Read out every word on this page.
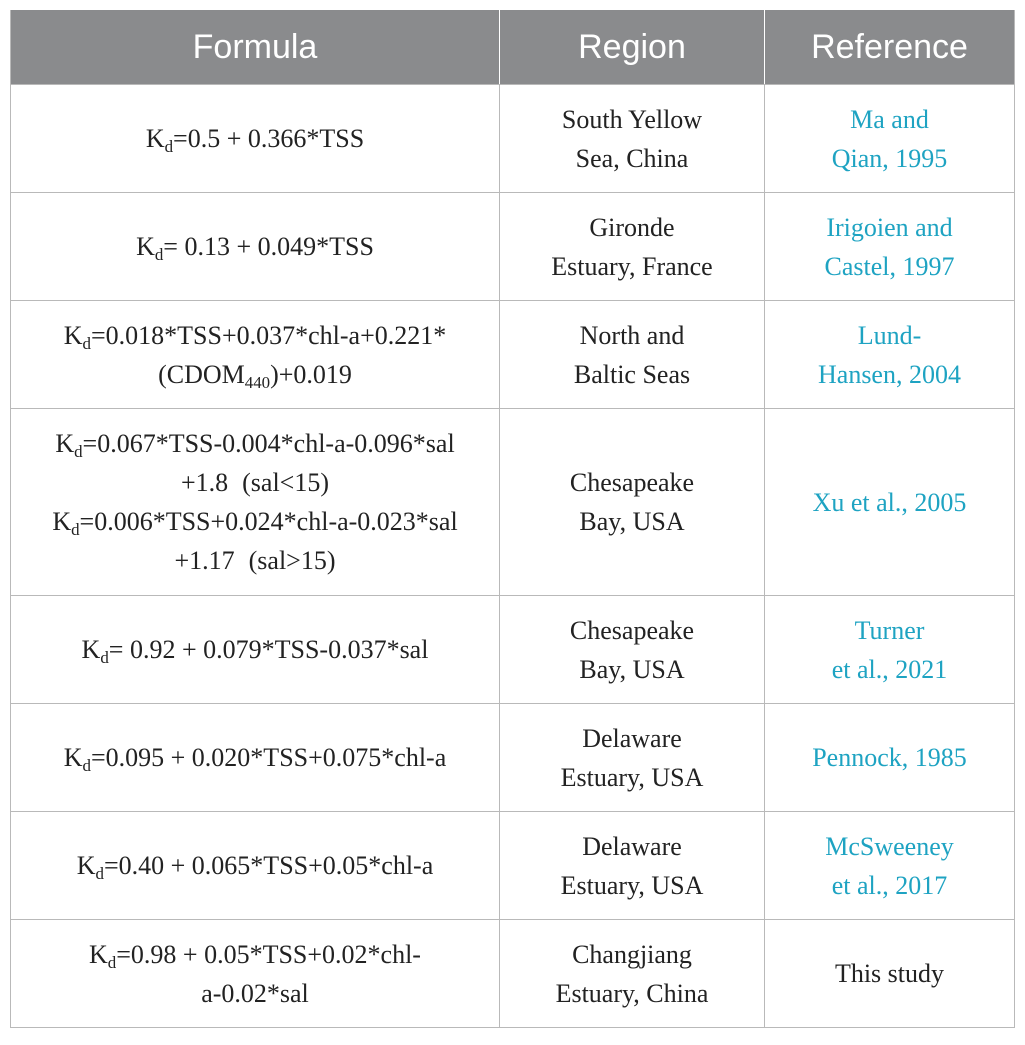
Formula	Region	Reference
$K_d=0.5 + 0.366*TSS$	South Yellow
Sea, China	Ma and
Qian, 1995

$K_d= 0.13 + 0.049*TSS$	Gironde
Estuary, France	Irigoien and
Castel, 1997

$K_d=0.018*TSS+0.037*chl-a+0.221*$
$(CDOM_{440})+0.019$	North and
Baltic Seas	Lund-
Hansen, 2004

$K_d=0.067*TSS-0.004*chl-a-0.096*sal$
+1.8 (sal<15)
$K_d=0.006*TSS+0.024*chl-a-0.023*sal$
+1.17 (sal>15)	Chesapeake
Bay, USA	Xu et al., 2005

$K_d= 0.92 + 0.079*TSS-0.037*sal$	Chesapeake
Bay, USA	Turner
et al., 2021

$K_d=0.095 + 0.020*TSS+0.075*chl-a$	Delaware
Estuary, USA	Pennock, 1985

$K_d=0.40 + 0.065*TSS+0.05*chl-a$	Delaware
Estuary, USA	McSweeney
et al., 2017

$K_d=0.98 + 0.05*TSS+0.02*chl-$
a-0.02*sal	Changjiang
Estuary, China	This study
